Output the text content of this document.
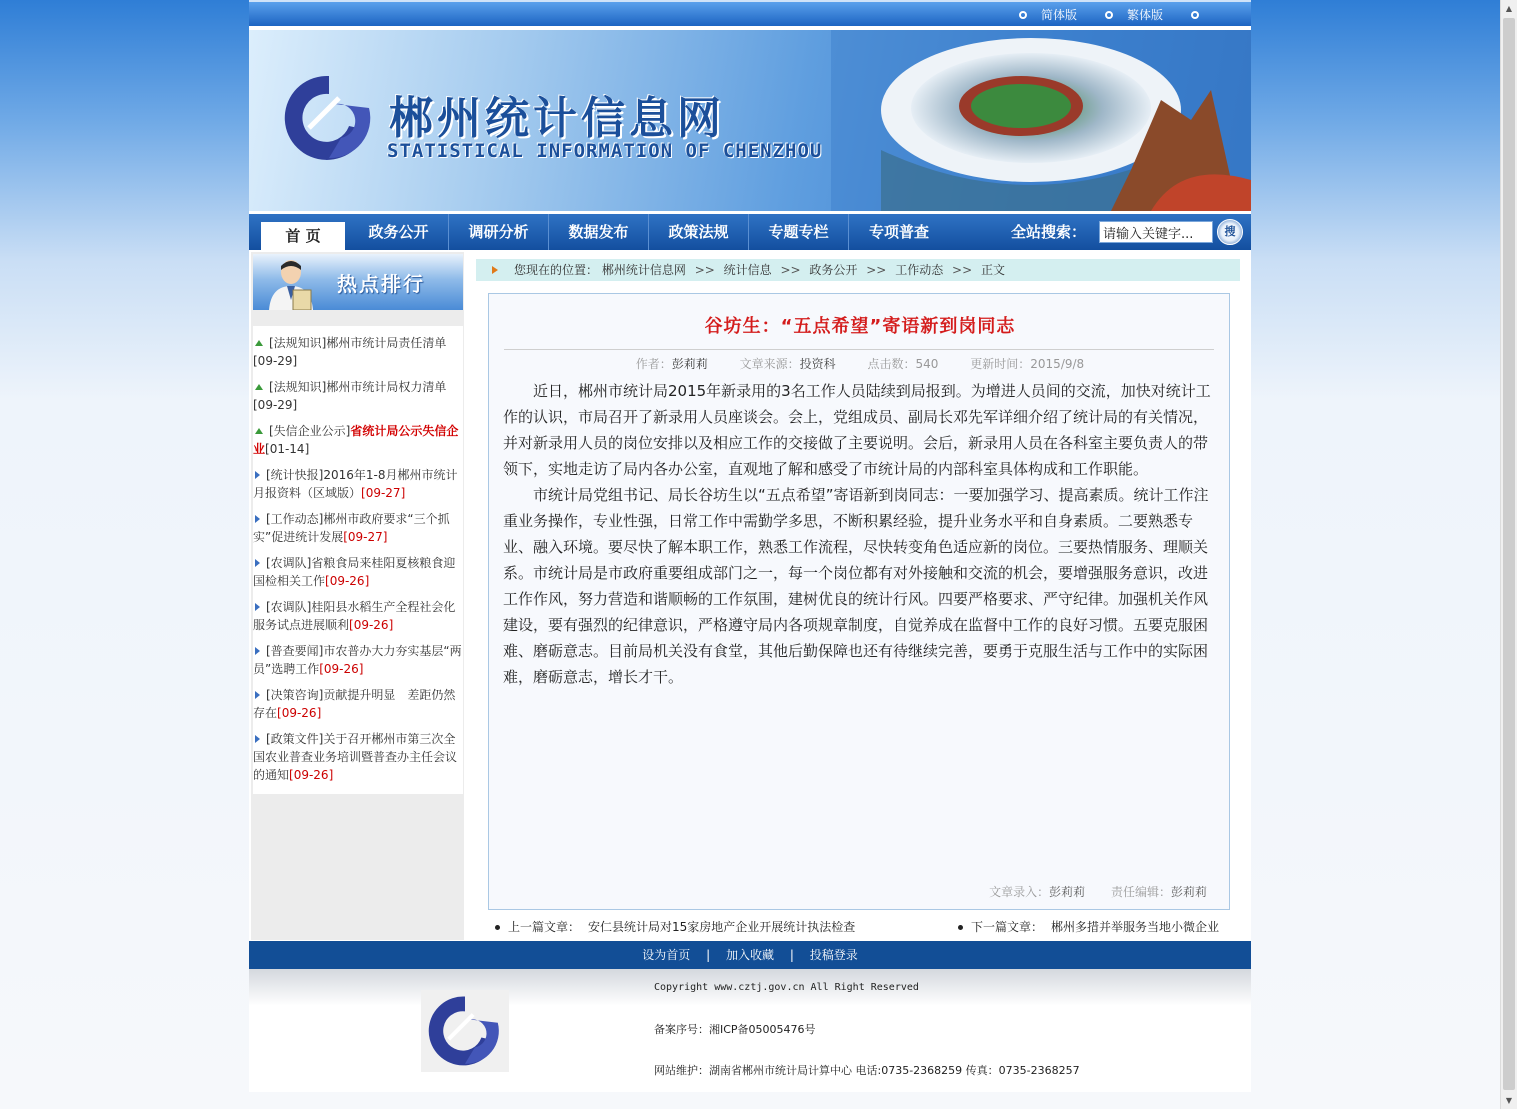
简体版	繁体版
郴州统计信息网
STATISTICAL INFORMATION OF CHENZHOU
首 页	政务公开	调研分析	数据发布	政策法规	专题专栏	专项普查	全站搜索：
请输入关键字...	搜
热点排行
[法规知识]郴州市统计局责任清单[09-29]
[法规知识]郴州市统计局权力清单[09-29]
[失信企业公示]省统计局公示失信企业[01-14]
[统计快报]2016年1-8月郴州市统计月报资料（区域版）[09-27]
[工作动态]郴州市政府要求“三个抓实”促进统计发展[09-27]
[农调队]省粮食局来桂阳夏核粮食迎国检相关工作[09-26]
[农调队]桂阳县水稻生产全程社会化服务试点进展顺利[09-26]
[普查要闻]市农普办大力夯实基层“两员”选聘工作[09-26]
[决策咨询]贡献提升明显　差距仍然存在[09-26]
[政策文件]关于召开郴州市第三次全国农业普查业务培训暨普查办主任会议的通知[09-26]
您现在的位置： 郴州统计信息网 >> 统计信息 >> 政务公开 >> 工作动态 >> 正文
谷坊生：“五点希望”寄语新到岗同志
作者：彭莉莉	文章来源：投资科	点击数：540	更新时间：2015/9/8

近日，郴州市统计局2015年新录用的3名工作人员陆续到局报到。为增进人员间的交流，加快对统计工作的认识，市局召开了新录用人员座谈会。会上，党组成员、副局长邓先军详细介绍了统计局的有关情况，并对新录用人员的岗位安排以及相应工作的交接做了主要说明。会后，新录用人员在各科室主要负责人的带领下，实地走访了局内各办公室，直观地了解和感受了市统计局的内部科室具体构成和工作职能。

市统计局党组书记、局长谷坊生以“五点希望”寄语新到岗同志：一要加强学习、提高素质。统计工作注重业务操作，专业性强，日常工作中需勤学多思，不断积累经验，提升业务水平和自身素质。二要熟悉专业、融入环境。要尽快了解本职工作，熟悉工作流程，尽快转变角色适应新的岗位。三要热情服务、理顺关系。市统计局是市政府重要组成部门之一，每一个岗位都有对外接触和交流的机会，要增强服务意识，改进工作作风，努力营造和谐顺畅的工作氛围，建树优良的统计行风。四要严格要求、严守纪律。加强机关作风建设，要有强烈的纪律意识，严格遵守局内各项规章制度，自觉养成在监督中工作的良好习惯。五要克服困难、磨砺意志。目前局机关没有食堂，其他后勤保障也还有待继续完善，要勇于克服生活与工作中的实际困难，磨砺意志，增长才干。

文章录入：彭莉莉 责任编辑：彭莉莉
上一篇文章： 安仁县统计局对15家房地产企业开展统计执法检查	下一篇文章： 郴州多措并举服务当地小微企业
设为首页 | 加入收藏 | 投稿登录
Copyright www.cztj.gov.cn All Right Reserved
备案序号：湘ICP备05005476号
网站维护：湖南省郴州市统计局计算中心 电话:0735-2368259 传真：0735-2368257
▲
▼
